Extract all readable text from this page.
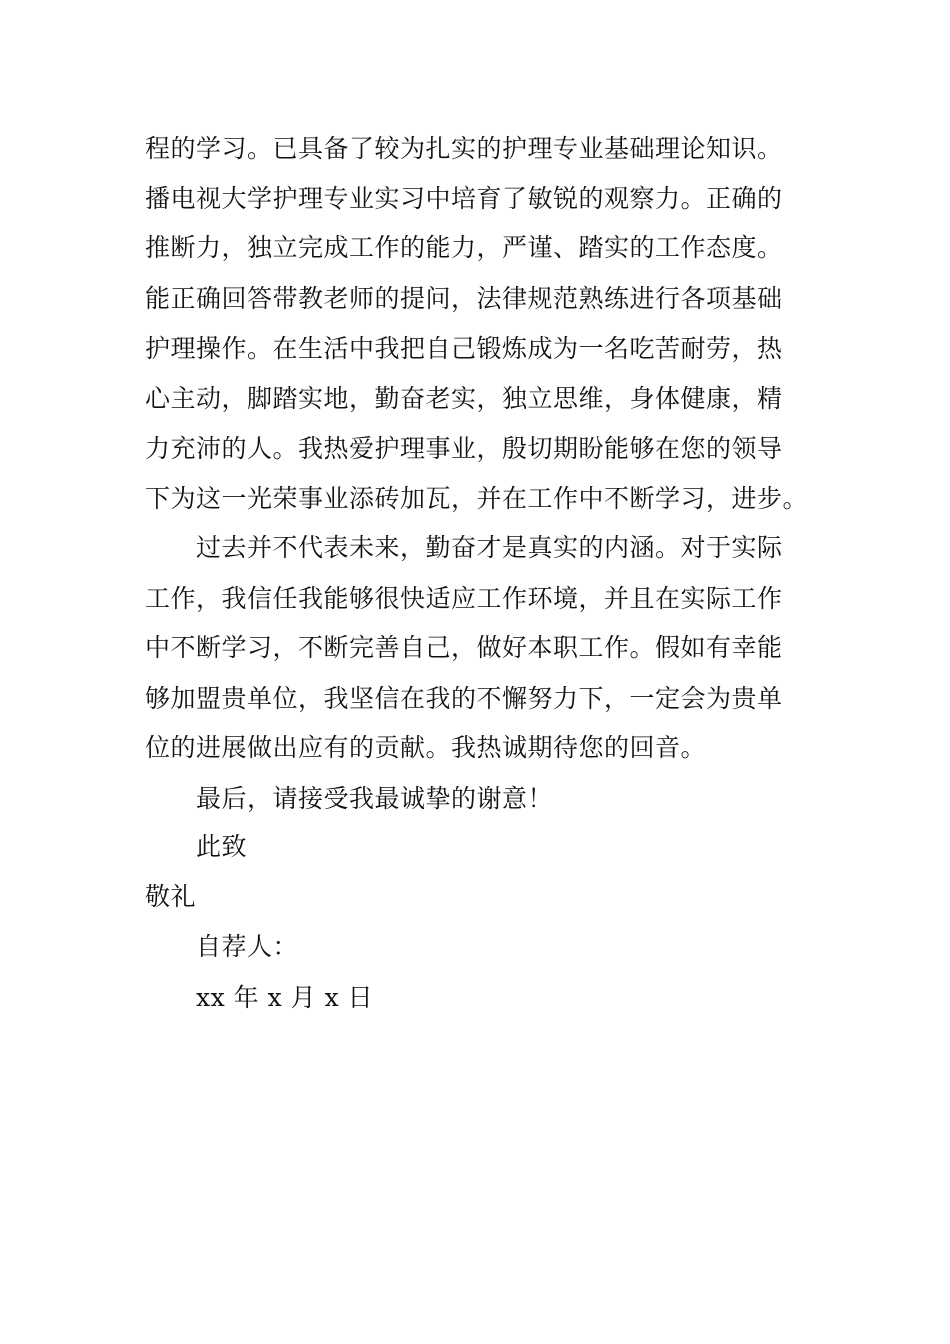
程的学习。已具备了较为扎实的护理专业基础理论知识。
播电视大学护理专业实习中培育了敏锐的观察力。正确的
推断力，独立完成工作的能力，严谨、踏实的工作态度。
能正确回答带教老师的提问，法律规范熟练进行各项基础
护理操作。在生活中我把自己锻炼成为一名吃苦耐劳，热
心主动，脚踏实地，勤奋老实，独立思维，身体健康，精
力充沛的人。我热爱护理事业，殷切期盼能够在您的领导
下为这一光荣事业添砖加瓦，并在工作中不断学习，进步。
过去并不代表未来，勤奋才是真实的内涵。对于实际
工作，我信任我能够很快适应工作环境，并且在实际工作
中不断学习，不断完善自己，做好本职工作。假如有幸能
够加盟贵单位，我坚信在我的不懈努力下，一定会为贵单
位的进展做出应有的贡献。我热诚期待您的回音。
最后，请接受我最诚挚的谢意！
此致
敬礼
自荐人：
xx 年 x 月 x 日
